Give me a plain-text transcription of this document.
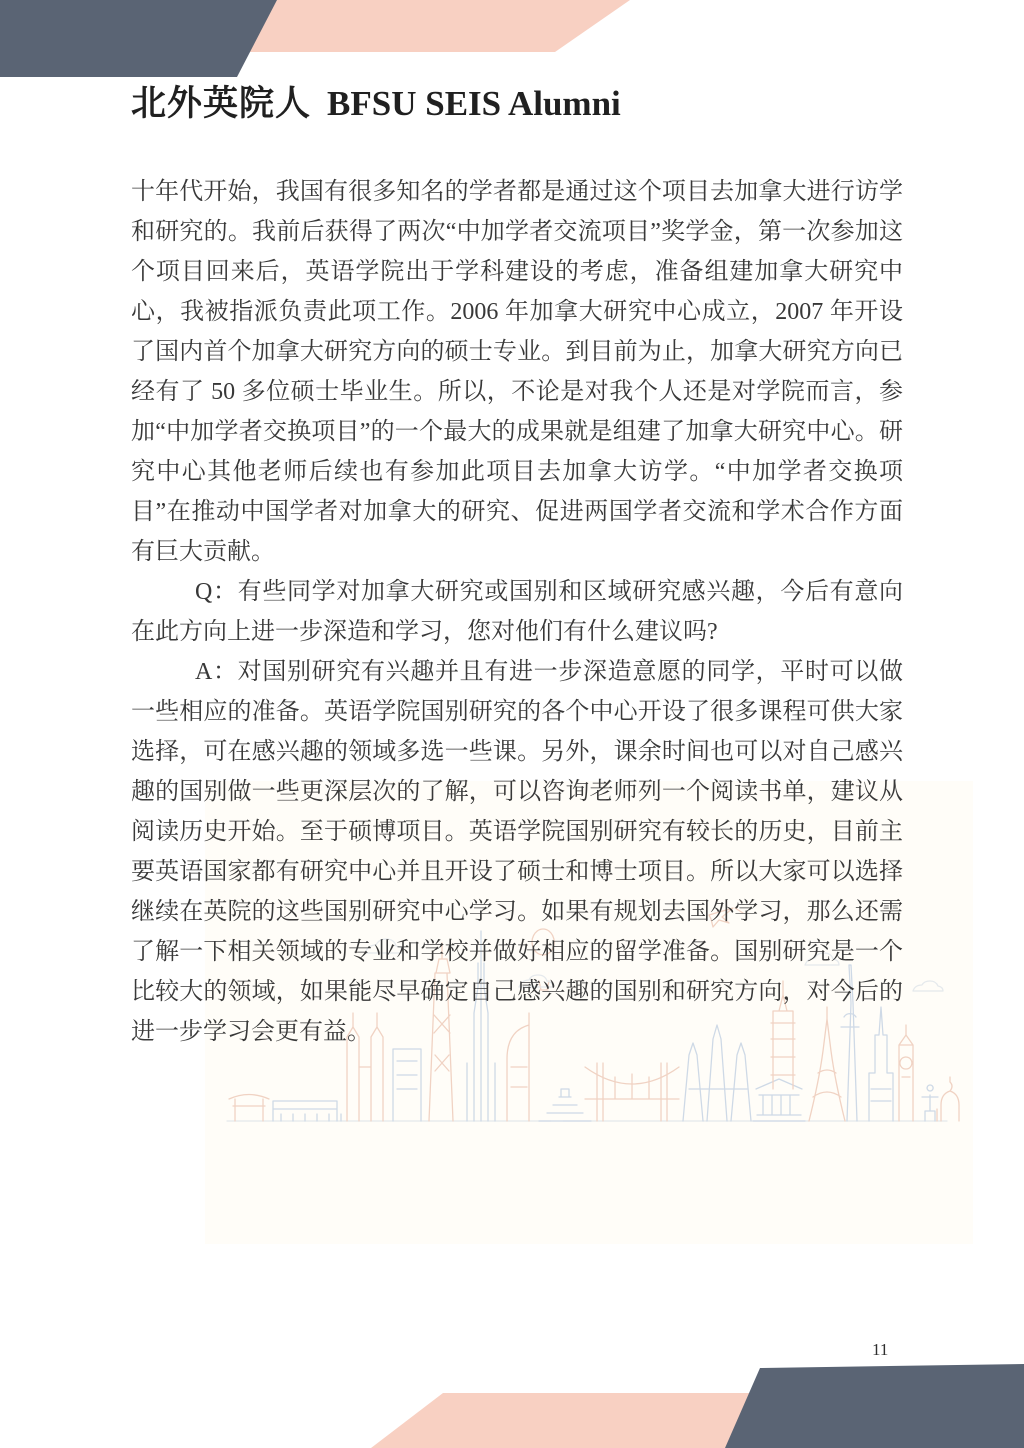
北外英院人 BFSU SEIS Alumni

十年代开始，我国有很多知名的学者都是通过这个项目去加拿大进行访学和研究的。我前后获得了两次“中加学者交流项目”奖学金，第一次参加这个项目回来后，英语学院出于学科建设的考虑，准备组建加拿大研究中心，我被指派负责此项工作。2006 年加拿大研究中心成立，2007 年开设了国内首个加拿大研究方向的硕士专业。到目前为止，加拿大研究方向已经有了 50 多位硕士毕业生。所以，不论是对我个人还是对学院而言，参加“中加学者交换项目”的一个最大的成果就是组建了加拿大研究中心。研究中心其他老师后续也有参加此项目去加拿大访学。“中加学者交换项目”在推动中国学者对加拿大的研究、促进两国学者交流和学术合作方面有巨大贡献。

Q：有些同学对加拿大研究或国别和区域研究感兴趣，今后有意向在此方向上进一步深造和学习，您对他们有什么建议吗?

A：对国别研究有兴趣并且有进一步深造意愿的同学，平时可以做一些相应的准备。英语学院国别研究的各个中心开设了很多课程可供大家选择，可在感兴趣的领域多选一些课。另外，课余时间也可以对自己感兴趣的国别做一些更深层次的了解，可以咨询老师列一个阅读书单，建议从阅读历史开始。至于硕博项目。英语学院国别研究有较长的历史，目前主要英语国家都有研究中心并且开设了硕士和博士项目。所以大家可以选择继续在英院的这些国别研究中心学习。如果有规划去国外学习，那么还需了解一下相关领域的专业和学校并做好相应的留学准备。国别研究是一个比较大的领域，如果能尽早确定自己感兴趣的国别和研究方向，对今后的进一步学习会更有益。

11
